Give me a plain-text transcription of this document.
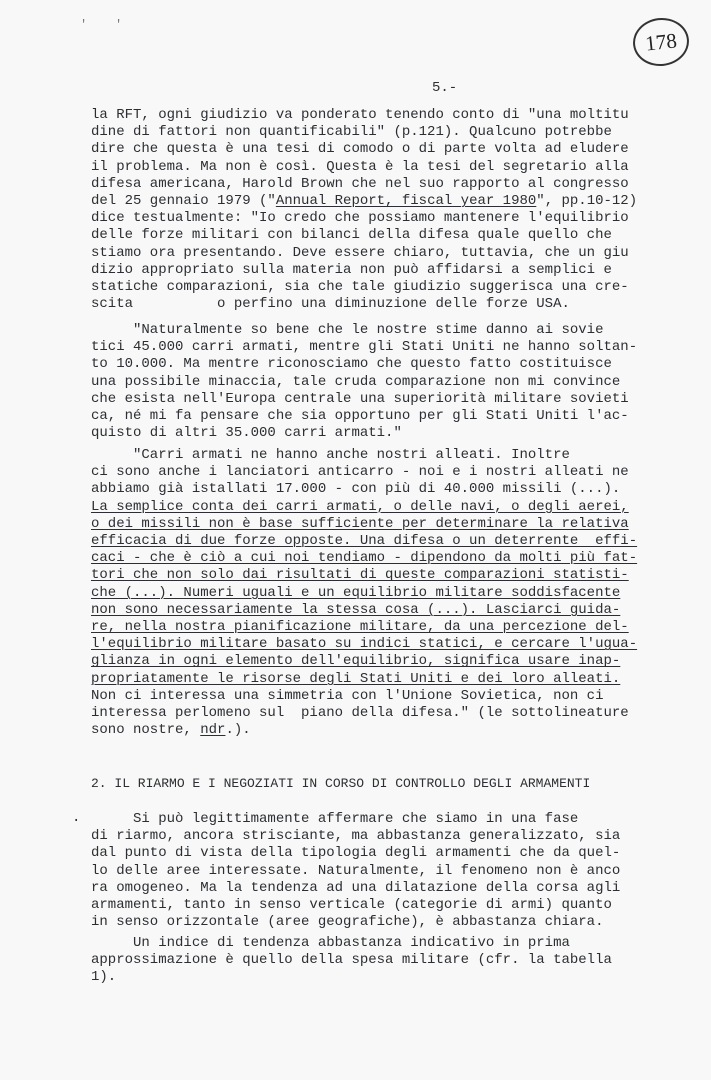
' '
178
5.-

la RFT, ogni giudizio va ponderato tenendo conto di "una moltitu
dine di fattori non quantificabili" (p.121). Qualcuno potrebbe
dire che questa è una tesi di comodo o di parte volta ad eludere
il problema. Ma non è così. Questa è la tesi del segretario alla
difesa americana, Harold Brown che nel suo rapporto al congresso
del 25 gennaio 1979 ("Annual Report, fiscal year 1980", pp.10-12)
dice testualmente: "Io credo che possiamo mantenere l'equilibrio
delle forze militari con bilanci della difesa quale quello che
stiamo ora presentando. Deve essere chiaro, tuttavia, che un giu
dizio appropriato sulla materia non può affidarsi a semplici e
statiche comparazioni, sia che tale giudizio suggerisca una cre-
scita          o perfino una diminuzione delle forze USA.

"Naturalmente so bene che le nostre stime danno ai sovie
tici 45.000 carri armati, mentre gli Stati Uniti ne hanno soltan-
to 10.000. Ma mentre riconosciamo che questo fatto costituisce
una possibile minaccia, tale cruda comparazione non mi convince
che esista nell'Europa centrale una superiorità militare sovieti
ca, né mi fa pensare che sia opportuno per gli Stati Uniti l'ac-
quisto di altri 35.000 carri armati."

"Carri armati ne hanno anche nostri alleati. Inoltre
ci sono anche i lanciatori anticarro - noi e i nostri alleati ne
abbiamo già istallati 17.000 - con più di 40.000 missili (...).
La semplice conta dei carri armati, o delle navi, o degli aerei,
o dei missili non è base sufficiente per determinare la relativa
efficacia di due forze opposte. Una difesa o un deterrente  effi-
caci - che è ciò a cui noi tendiamo - dipendono da molti più fat-
tori che non solo dai risultati di queste comparazioni statisti-
che (...). Numeri uguali e un equilibrio militare soddisfacente
non sono necessariamente la stessa cosa (...). Lasciarci guida-
re, nella nostra pianificazione militare, da una percezione del-
l'equilibrio militare basato su indici statici, e cercare l'ugua-
glianza in ogni elemento dell'equilibrio, significa usare inap-
propriatamente le risorse degli Stati Uniti e dei loro alleati.
Non ci interessa una simmetria con l'Unione Sovietica, non ci
interessa perlomeno sul  piano della difesa." (le sottolineature
sono nostre, ndr.).

2. IL RIARMO E I NEGOZIATI IN CORSO DI CONTROLLO DEGLI ARMAMENTI
. Si può legittimamente affermare che siamo in una fase
di riarmo, ancora strisciante, ma abbastanza generalizzato, sia
dal punto di vista della tipologia degli armamenti che da quel-
lo delle aree interessate. Naturalmente, il fenomeno non è anco
ra omogeneo. Ma la tendenza ad una dilatazione della corsa agli
armamenti, tanto in senso verticale (categorie di armi) quanto
in senso orizzontale (aree geografiche), è abbastanza chiara.

Un indice di tendenza abbastanza indicativo in prima
approssimazione è quello della spesa militare (cfr. la tabella
1).
